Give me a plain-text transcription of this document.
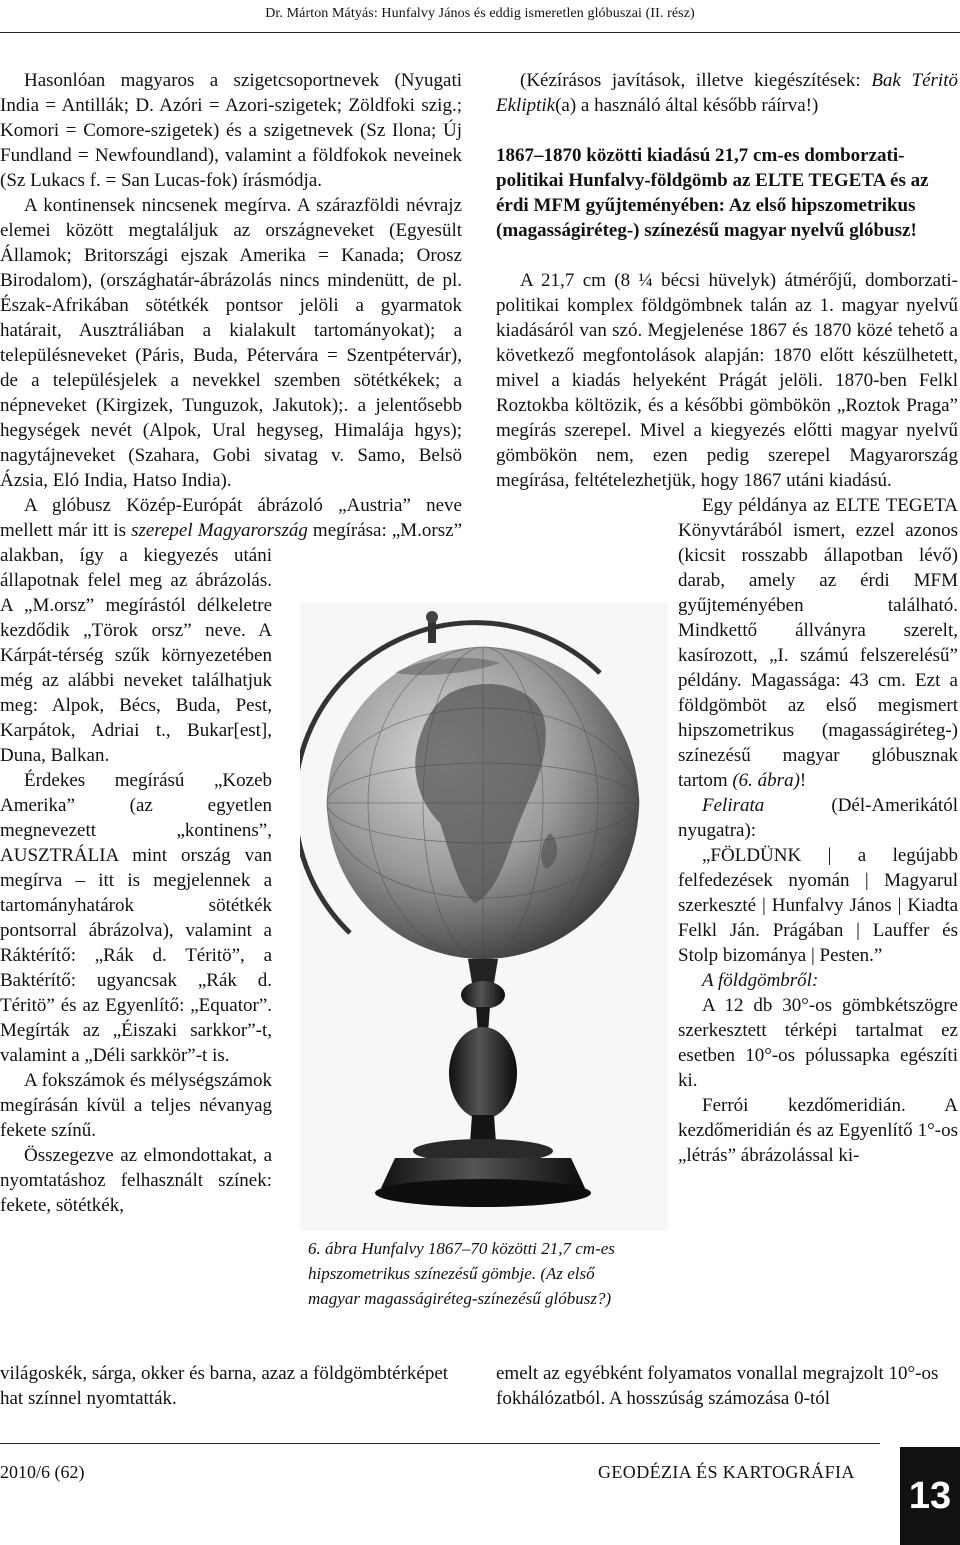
Dr. Márton Mátyás: Hunfalvy János és eddig ismeretlen glóbuszai (II. rész)

Hasonlóan magyaros a szigetcsoportnevek (Nyugati India = Antillák; D. Azóri = Azori-szigetek; Zöldfoki szig.; Komori = Comore-szigetek) és a szigetnevek (Sz Ilona; Új Fundland = Newfoundland), valamint a földfokok neveinek (Sz Lukacs f. = San Lucas-fok) írásmódja.

A kontinensek nincsenek megírva. A szárazföldi névrajz elemei között megtaláljuk az országneveket (Egyesült Államok; Britországi ejszak Amerika = Kanada; Orosz Birodalom), (országhatár-ábrázolás nincs mindenütt, de pl. Észak-Afrikában sötétkék pontsor jelöli a gyarmatok határait, Ausztráliában a kialakult tartományokat); a településneveket (Páris, Buda, Pétervára = Szentpétervár), de a településjelek a nevekkel szemben sötétkékek; a népneveket (Kirgizek, Tunguzok, Jakutok);. a jelentősebb hegységek nevét (Alpok, Ural hegyseg, Himalája hgys); nagytájneveket (Szahara, Gobi sivatag v. Samo, Belsö Ázsia, Eló India, Hatso India).

A glóbusz Közép-Európát ábrázoló „Austria” neve mellett már itt is szerepel Magyarország
megírása: „M.orsz” alakban, így a kiegyezés utáni állapotnak felel meg az ábrázolás. A „M.orsz” megírástól délkeletre kezdődik „Törok orsz” neve. A Kárpát-térség szűk környezetében még az alábbi neveket találhatjuk meg: Alpok, Bécs, Buda, Pest, Karpátok, Adriai t., Bukar[est], Duna, Balkan.

Érdekes megírású „Kozeb Amerika” (az egyetlen megnevezett „kontinens”, AUSZTRÁLIA mint ország van megírva – itt is megjelennek a tartományhatárok sötétkék pontsorral ábrázolva), valamint a Ráktérítő: „Rák d. Téritö”, a Baktérítő: ugyancsak „Rák d. Téritö” és az Egyenlítő: „Equator”. Megírták az „Éiszaki sarkkor”-t, valamint a „Déli sarkkör”-t is.

A fokszámok és mélységszámok megírásán kívül a teljes névanyag fekete színű.

Összegezve az elmondottakat, a nyomtatáshoz felhasznált színek: fekete, sötétkék,

(Kézírásos javítások, illetve kiegészítések: Bak Téritö Ekliptik(a) a használó által később ráírva!)

1867–1870 közötti kiadású 21,7 cm-es domborzati-politikai Hunfalvy-földgömb az ELTE TEGETA és az érdi MFM gyűjteményében: Az első hipszometrikus (magasságiréteg-) színezésű magyar nyelvű glóbusz!

A 21,7 cm (8 ¼ bécsi hüvelyk) átmérőjű, domborzati-politikai komplex földgömbnek talán az 1. magyar nyelvű kiadásáról van szó. Megjelenése 1867 és 1870 közé tehető a következő megfontolások alapján: 1870 előtt készülhetett, mivel a kiadás helyeként Prágát jelöli. 1870-ben Felkl Roztokba költözik, és a későbbi gömbökön „Roztok Praga” megírás szerepel. Mivel a kiegyezés előtti magyar nyelvű gömbökön nem, ezen pedig szerepel Magyarország megírása, feltételezhetjük, hogy 1867 utáni kiadású.

Egy példánya az ELTE TEGETA Könyvtárából ismert, ezzel azonos (kicsit rosszabb állapotban lévő) darab, amely az érdi MFM gyűjteményében található. Mindkettő állványra szerelt, kasírozott, „I. számú felszerelésű” példány. Magassága: 43 cm. Ezt a földgömböt az első megismert hipszometrikus (magasságiréteg-) színezésű magyar glóbusznak tartom (6. ábra)!

Felirata (Dél-Amerikától nyugatra):

„FÖLDÜNK | a legújabb felfedezések nyomán | Magyarul szerkeszté | Hunfalvy János | Kiadta Felkl Ján. Prágában | Lauffer és Stolp bizománya | Pesten.”

A földgömbről:

A 12 db 30°-os gömbkétszögre szerkesztett térképi tartalmat ez esetben 10°-os pólussapka egészíti ki.

Ferrói kezdőmeridián. A kezdőmeridián és az Egyenlítő 1°-os „létrás” ábrázolással ki-

6. ábra Hunfalvy 1867–70 közötti 21,7 cm-es hipszometrikus színezésű gömbje. (Az első magyar magasságiréteg-színezésű glóbusz?)
világoskék, sárga, okker és barna, azaz a földgömbtérképet hat színnel nyomtatták.
emelt az egyébként folyamatos vonallal megrajzolt 10°-os fokhálózatból. A hosszúság számozása 0-tól
2010/6 (62)	GEODÉZIA ÉS KARTOGRÁFIA
13
